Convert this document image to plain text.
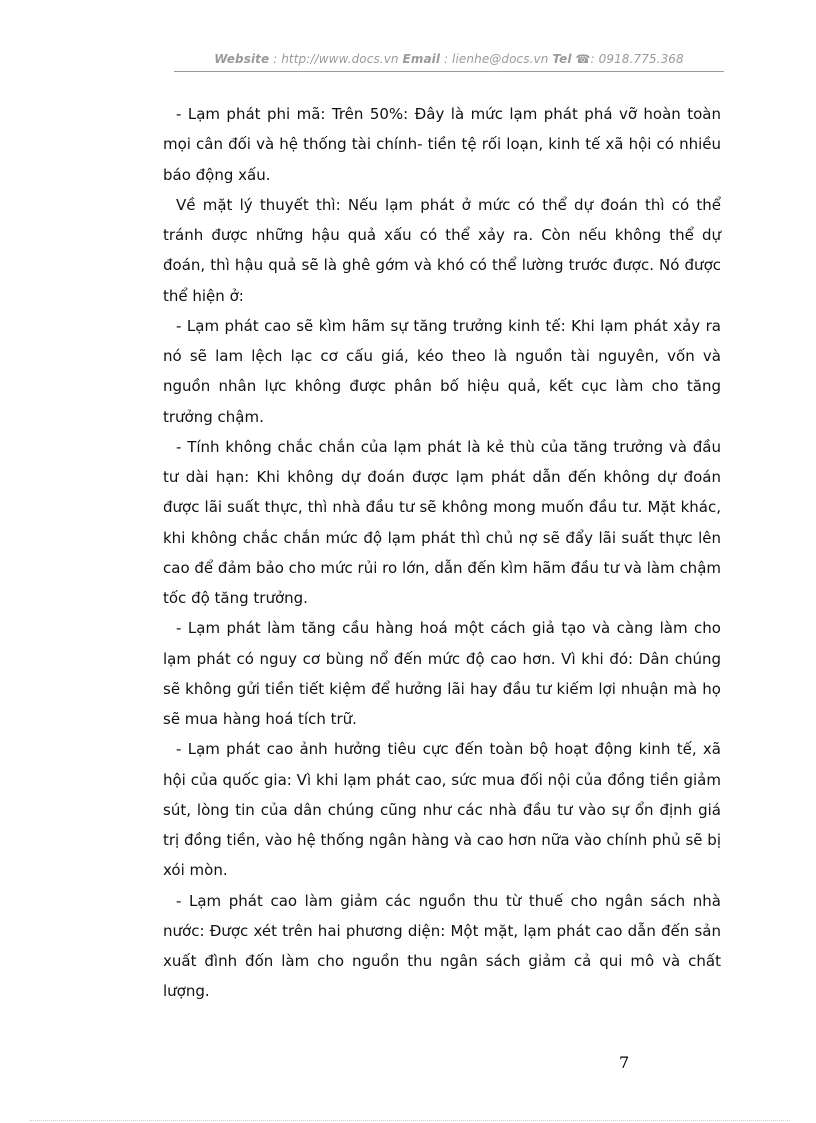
Website : http://www.docs.vn Email : lienhe@docs.vn Tel ☎: 0918.775.368

- Lạm phát phi mã: Trên 50%: Đây là mức lạm phát phá vỡ hoàn toàn mọi cân đối và hệ thống tài chính- tiền tệ rối loạn, kinh tế xã hội có nhiều báo động xấu.

Về mặt lý thuyết thì: Nếu lạm phát ở mức có thể dự đoán thì có thể tránh được những hậu quả xấu có thể xảy ra. Còn nếu không thể dự đoán, thì hậu quả sẽ là ghê gớm và khó có thể lường trước được. Nó được thể hiện ở:

- Lạm phát cao sẽ kìm hãm sự tăng trưởng kinh tế: Khi lạm phát xảy ra nó sẽ lam lệch lạc cơ cấu giá, kéo theo là nguồn tài nguyên, vốn và nguồn nhân lực không được phân bố hiệu quả, kết cục làm cho tăng trưởng chậm.

- Tính không chắc chắn của lạm phát là kẻ thù của tăng trưởng và đầu tư dài hạn: Khi không dự đoán được lạm phát dẫn đến không dự đoán được lãi suất thực, thì nhà đầu tư sẽ không mong muốn đầu tư. Mặt khác, khi không chắc chắn mức độ lạm phát thì chủ nợ sẽ đẩy lãi suất thực lên cao để đảm bảo cho mức rủi ro lớn, dẫn đến kìm hãm đầu tư và làm chậm tốc độ tăng trưởng.

- Lạm phát làm tăng cầu hàng hoá một cách giả tạo và càng làm cho lạm phát có nguy cơ bùng nổ đến mức độ cao hơn. Vì khi đó: Dân chúng sẽ không gửi tiền tiết kiệm để hưởng lãi hay đầu tư kiếm lợi nhuận mà họ sẽ mua hàng hoá tích trữ.

- Lạm phát cao ảnh hưởng tiêu cực đến toàn bộ hoạt động kinh tế, xã hội của quốc gia: Vì khi lạm phát cao, sức mua đối nội của đồng tiền giảm sút, lòng tin của dân chúng cũng như các nhà đầu tư vào sự ổn định giá trị đồng tiền, vào hệ thống ngân hàng và cao hơn nữa vào chính phủ sẽ bị xói mòn.

- Lạm phát cao làm giảm các nguồn thu từ thuế cho ngân sách nhà nước: Được xét trên hai phương diện: Một mặt, lạm phát cao dẫn đến sản xuất đình đốn làm cho nguồn thu ngân sách giảm cả qui mô và chất lượng.

7
